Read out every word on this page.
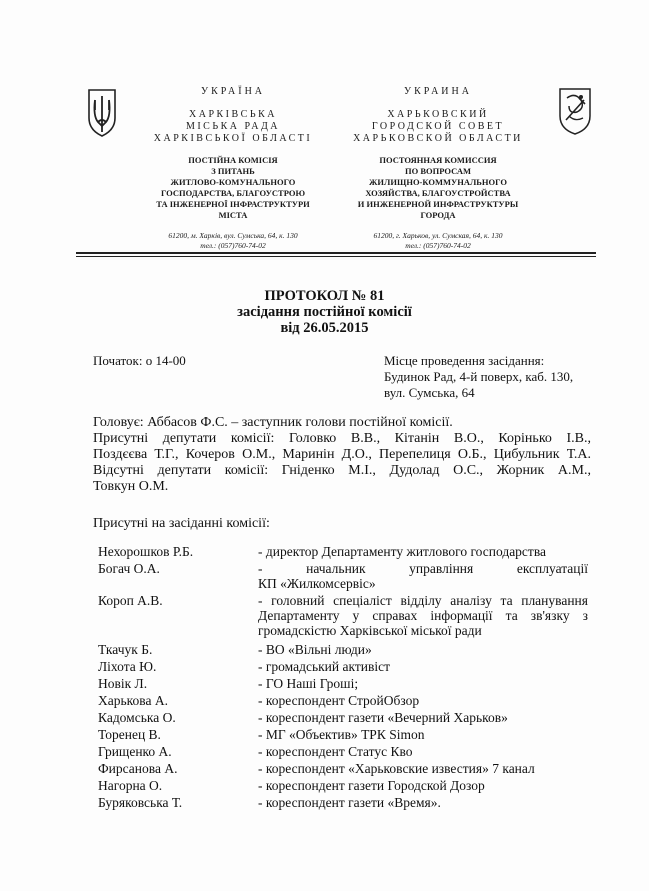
УКРАЇНА
ХАРКІВСЬКА
МІСЬКА РАДА
ХАРКІВСЬКОЇ ОБЛАСТІ
ПОСТІЙНА КОМІСІЯ
З ПИТАНЬ
ЖИТЛОВО-КОМУНАЛЬНОГО
ГОСПОДАРСТВА, БЛАГОУСТРОЮ
ТА ІНЖЕНЕРНОЇ ІНФРАСТРУКТУРИ
МІСТА
61200, м. Харків, вул. Сумська, 64, к. 130
тел.: (057)760-74-02
УКРАИНА
ХАРЬКОВСКИЙ
ГОРОДСКОЙ СОВЕТ
ХАРЬКОВСКОЙ ОБЛАСТИ
ПОСТОЯННАЯ КОМИССИЯ
ПО ВОПРОСАМ
ЖИЛИЩНО-КОММУНАЛЬНОГО
ХОЗЯЙСТВА, БЛАГОУСТРОЙСТВА
И ИНЖЕНЕРНОЙ ИНФРАСТРУКТУРЫ
ГОРОДА
61200, г. Харьков, ул. Сумская, 64, к. 130
тел.: (057)760-74-02
ПРОТОКОЛ № 81
засідання постійної комісії
від 26.05.2015
Початок: о 14-00	Місце проведення засідання:
Будинок Рад, 4-й поверх, каб. 130,
вул. Сумська, 64
Головує: Аббасов Ф.С. – заступник голови постійної комісії.
Присутні депутати комісії: Головко В.В., Кітанін В.О., Корінько І.В.,
Поздєєва Т.Г., Кочеров О.М., Маринін Д.О., Перепелиця О.Б., Цибульник Т.А.
Відсутні депутати комісії: Гніденко М.І., Дудолад О.С., Жорник А.М.,
Товкун О.М.
Присутні на засіданні комісії:
Нехорошков Р.Б.	- директор Департаменту житлового господарства
Богач О.А.	- начальник управління експлуатації
КП «Жилкомсервіс»
Короп А.В.	- головний спеціаліст відділу аналізу та планування
Департаменту у справах інформації та зв'язку з
громадскістю Харківської міської ради
Ткачук Б.	- ВО «Вільні люди»
Ліхота Ю.	- громадський активіст
Новік Л.	- ГО Наші Гроші;
Харькова А.	- кореспондент СтройОбзор
Кадомська О.	- кореспондент газети «Вечерний Харьков»
Торенец В.	- МГ «Объектив» ТРК Simon
Грищенко А.	- кореспондент Статус Кво
Фирсанова А.	- кореспондент «Харьковские известия» 7 канал
Нагорна О.	- кореспондент газети Городской Дозор
Буряковська Т.	- кореспондент газети «Время».
